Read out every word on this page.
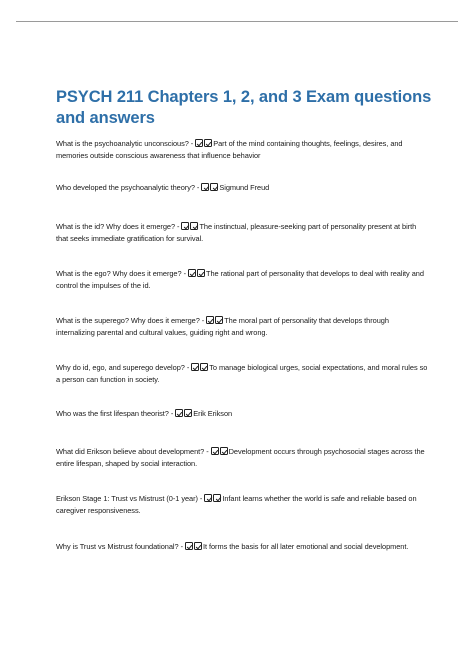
PSYCH 211 Chapters 1, 2, and 3 Exam questions and answers

What is the psychoanalytic unconscious? - Part of the mind containing thoughts, feelings, desires, and memories outside conscious awareness that influence behavior

Who developed the psychoanalytic theory? - Sigmund Freud

What is the id? Why does it emerge? - The instinctual, pleasure-seeking part of personality present at birth that seeks immediate gratification for survival.

What is the ego? Why does it emerge? - The rational part of personality that develops to deal with reality and control the impulses of the id.

What is the superego? Why does it emerge? - The moral part of personality that develops through internalizing parental and cultural values, guiding right and wrong.

Why do id, ego, and superego develop? - To manage biological urges, social expectations, and moral rules so a person can function in society.

Who was the first lifespan theorist? - Erik Erikson

What did Erikson believe about development? - Development occurs through psychosocial stages across the entire lifespan, shaped by social interaction.

Erikson Stage 1: Trust vs Mistrust (0-1 year) - Infant learns whether the world is safe and reliable based on caregiver responsiveness.

Why is Trust vs Mistrust foundational? - It forms the basis for all later emotional and social development.
